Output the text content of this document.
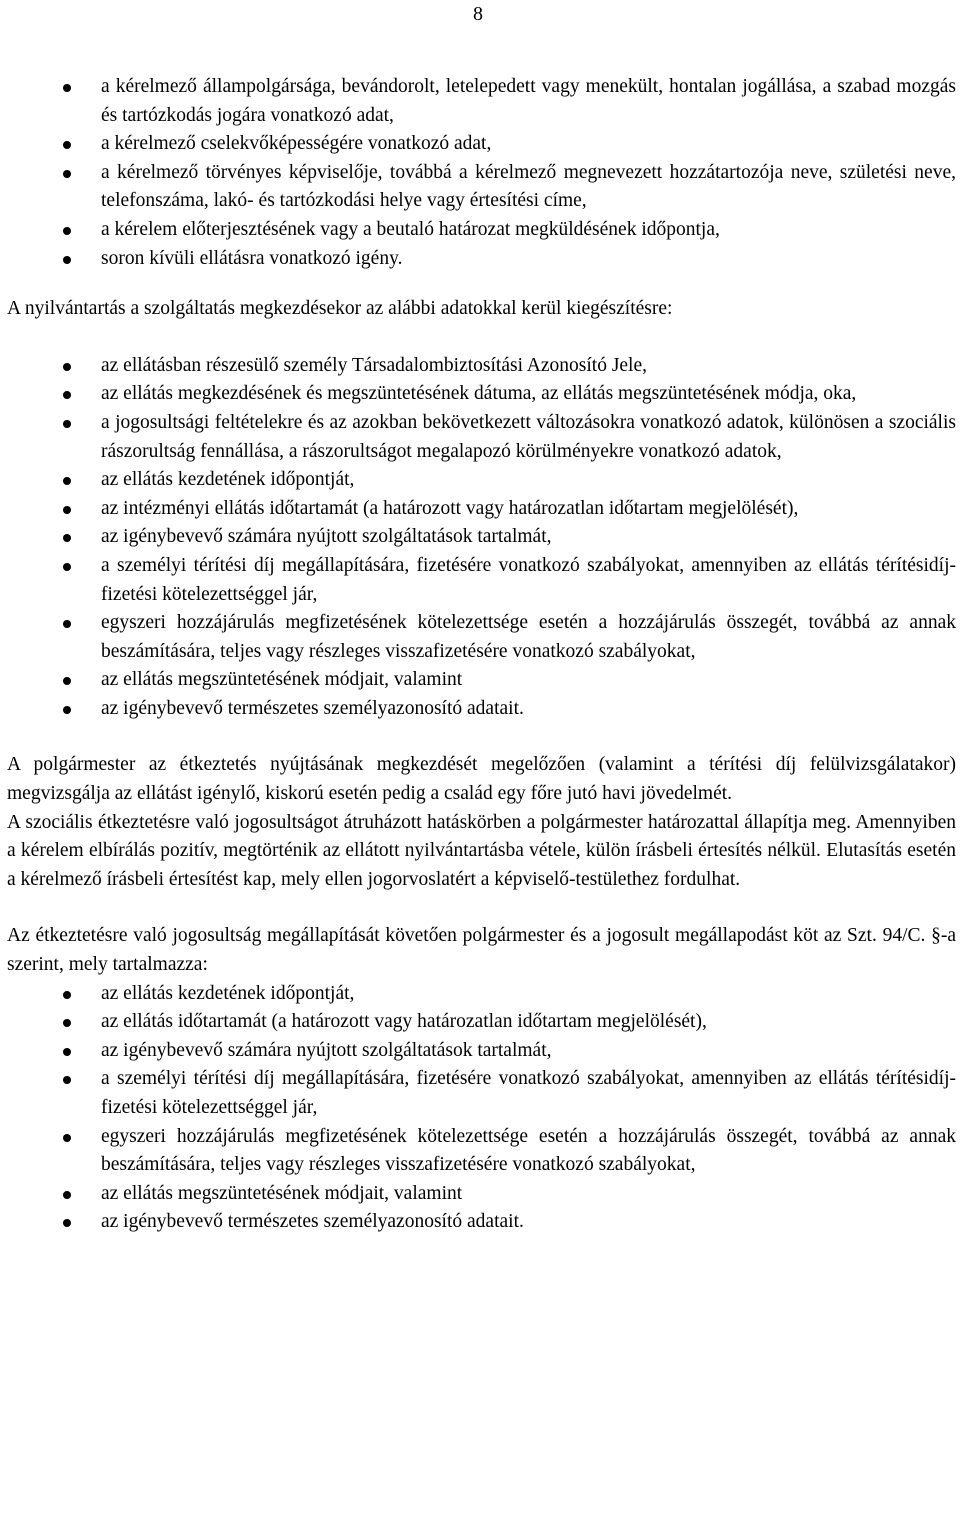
8
a kérelmező állampolgársága, bevándorolt, letelepedett vagy menekült, hontalan jogállása, a szabad mozgás és tartózkodás jogára vonatkozó adat,
a kérelmező cselekvőképességére vonatkozó adat,
a kérelmező törvényes képviselője, továbbá a kérelmező megnevezett hozzátartozója neve, születési neve, telefonszáma, lakó- és tartózkodási helye vagy értesítési címe,
a kérelem előterjesztésének vagy a beutaló határozat megküldésének időpontja,
soron kívüli ellátásra vonatkozó igény.

A nyilvántartás a szolgáltatás megkezdésekor az alábbi adatokkal kerül kiegészítésre:

az ellátásban részesülő személy Társadalombiztosítási Azonosító Jele,
az ellátás megkezdésének és megszüntetésének dátuma, az ellátás megszüntetésének módja, oka,
a jogosultsági feltételekre és az azokban bekövetkezett változásokra vonatkozó adatok, különösen a szociális rászorultság fennállása, a rászorultságot megalapozó körülményekre vonatkozó adatok,
az ellátás kezdetének időpontját,
az intézményi ellátás időtartamát (a határozott vagy határozatlan időtartam megjelölését),
az igénybevevő számára nyújtott szolgáltatások tartalmát,
a személyi térítési díj megállapítására, fizetésére vonatkozó szabályokat, amennyiben az ellátás térítésidíj-fizetési kötelezettséggel jár,
egyszeri hozzájárulás megfizetésének kötelezettsége esetén a hozzájárulás összegét, továbbá az annak beszámítására, teljes vagy részleges visszafizetésére vonatkozó szabályokat,
az ellátás megszüntetésének módjait, valamint
az igénybevevő természetes személyazonosító adatait.

A polgármester az étkeztetés nyújtásának megkezdését megelőzően (valamint a térítési díj felülvizsgálatakor) megvizsgálja az ellátást igénylő, kiskorú esetén pedig a család egy főre jutó havi jövedelmét.

A szociális étkeztetésre való jogosultságot átruházott hatáskörben a polgármester határozattal állapítja meg. Amennyiben a kérelem elbírálás pozitív, megtörténik az ellátott nyilvántartásba vétele, külön írásbeli értesítés nélkül. Elutasítás esetén a kérelmező írásbeli értesítést kap, mely ellen jogorvoslatért a képviselő-testülethez fordulhat.

Az étkeztetésre való jogosultság megállapítását követően polgármester és a jogosult megállapodást köt az Szt. 94/C. §-a szerint, mely tartalmazza:

az ellátás kezdetének időpontját,
az ellátás időtartamát (a határozott vagy határozatlan időtartam megjelölését),
az igénybevevő számára nyújtott szolgáltatások tartalmát,
a személyi térítési díj megállapítására, fizetésére vonatkozó szabályokat, amennyiben az ellátás térítésidíj-fizetési kötelezettséggel jár,
egyszeri hozzájárulás megfizetésének kötelezettsége esetén a hozzájárulás összegét, továbbá az annak beszámítására, teljes vagy részleges visszafizetésére vonatkozó szabályokat,
az ellátás megszüntetésének módjait, valamint
az igénybevevő természetes személyazonosító adatait.
